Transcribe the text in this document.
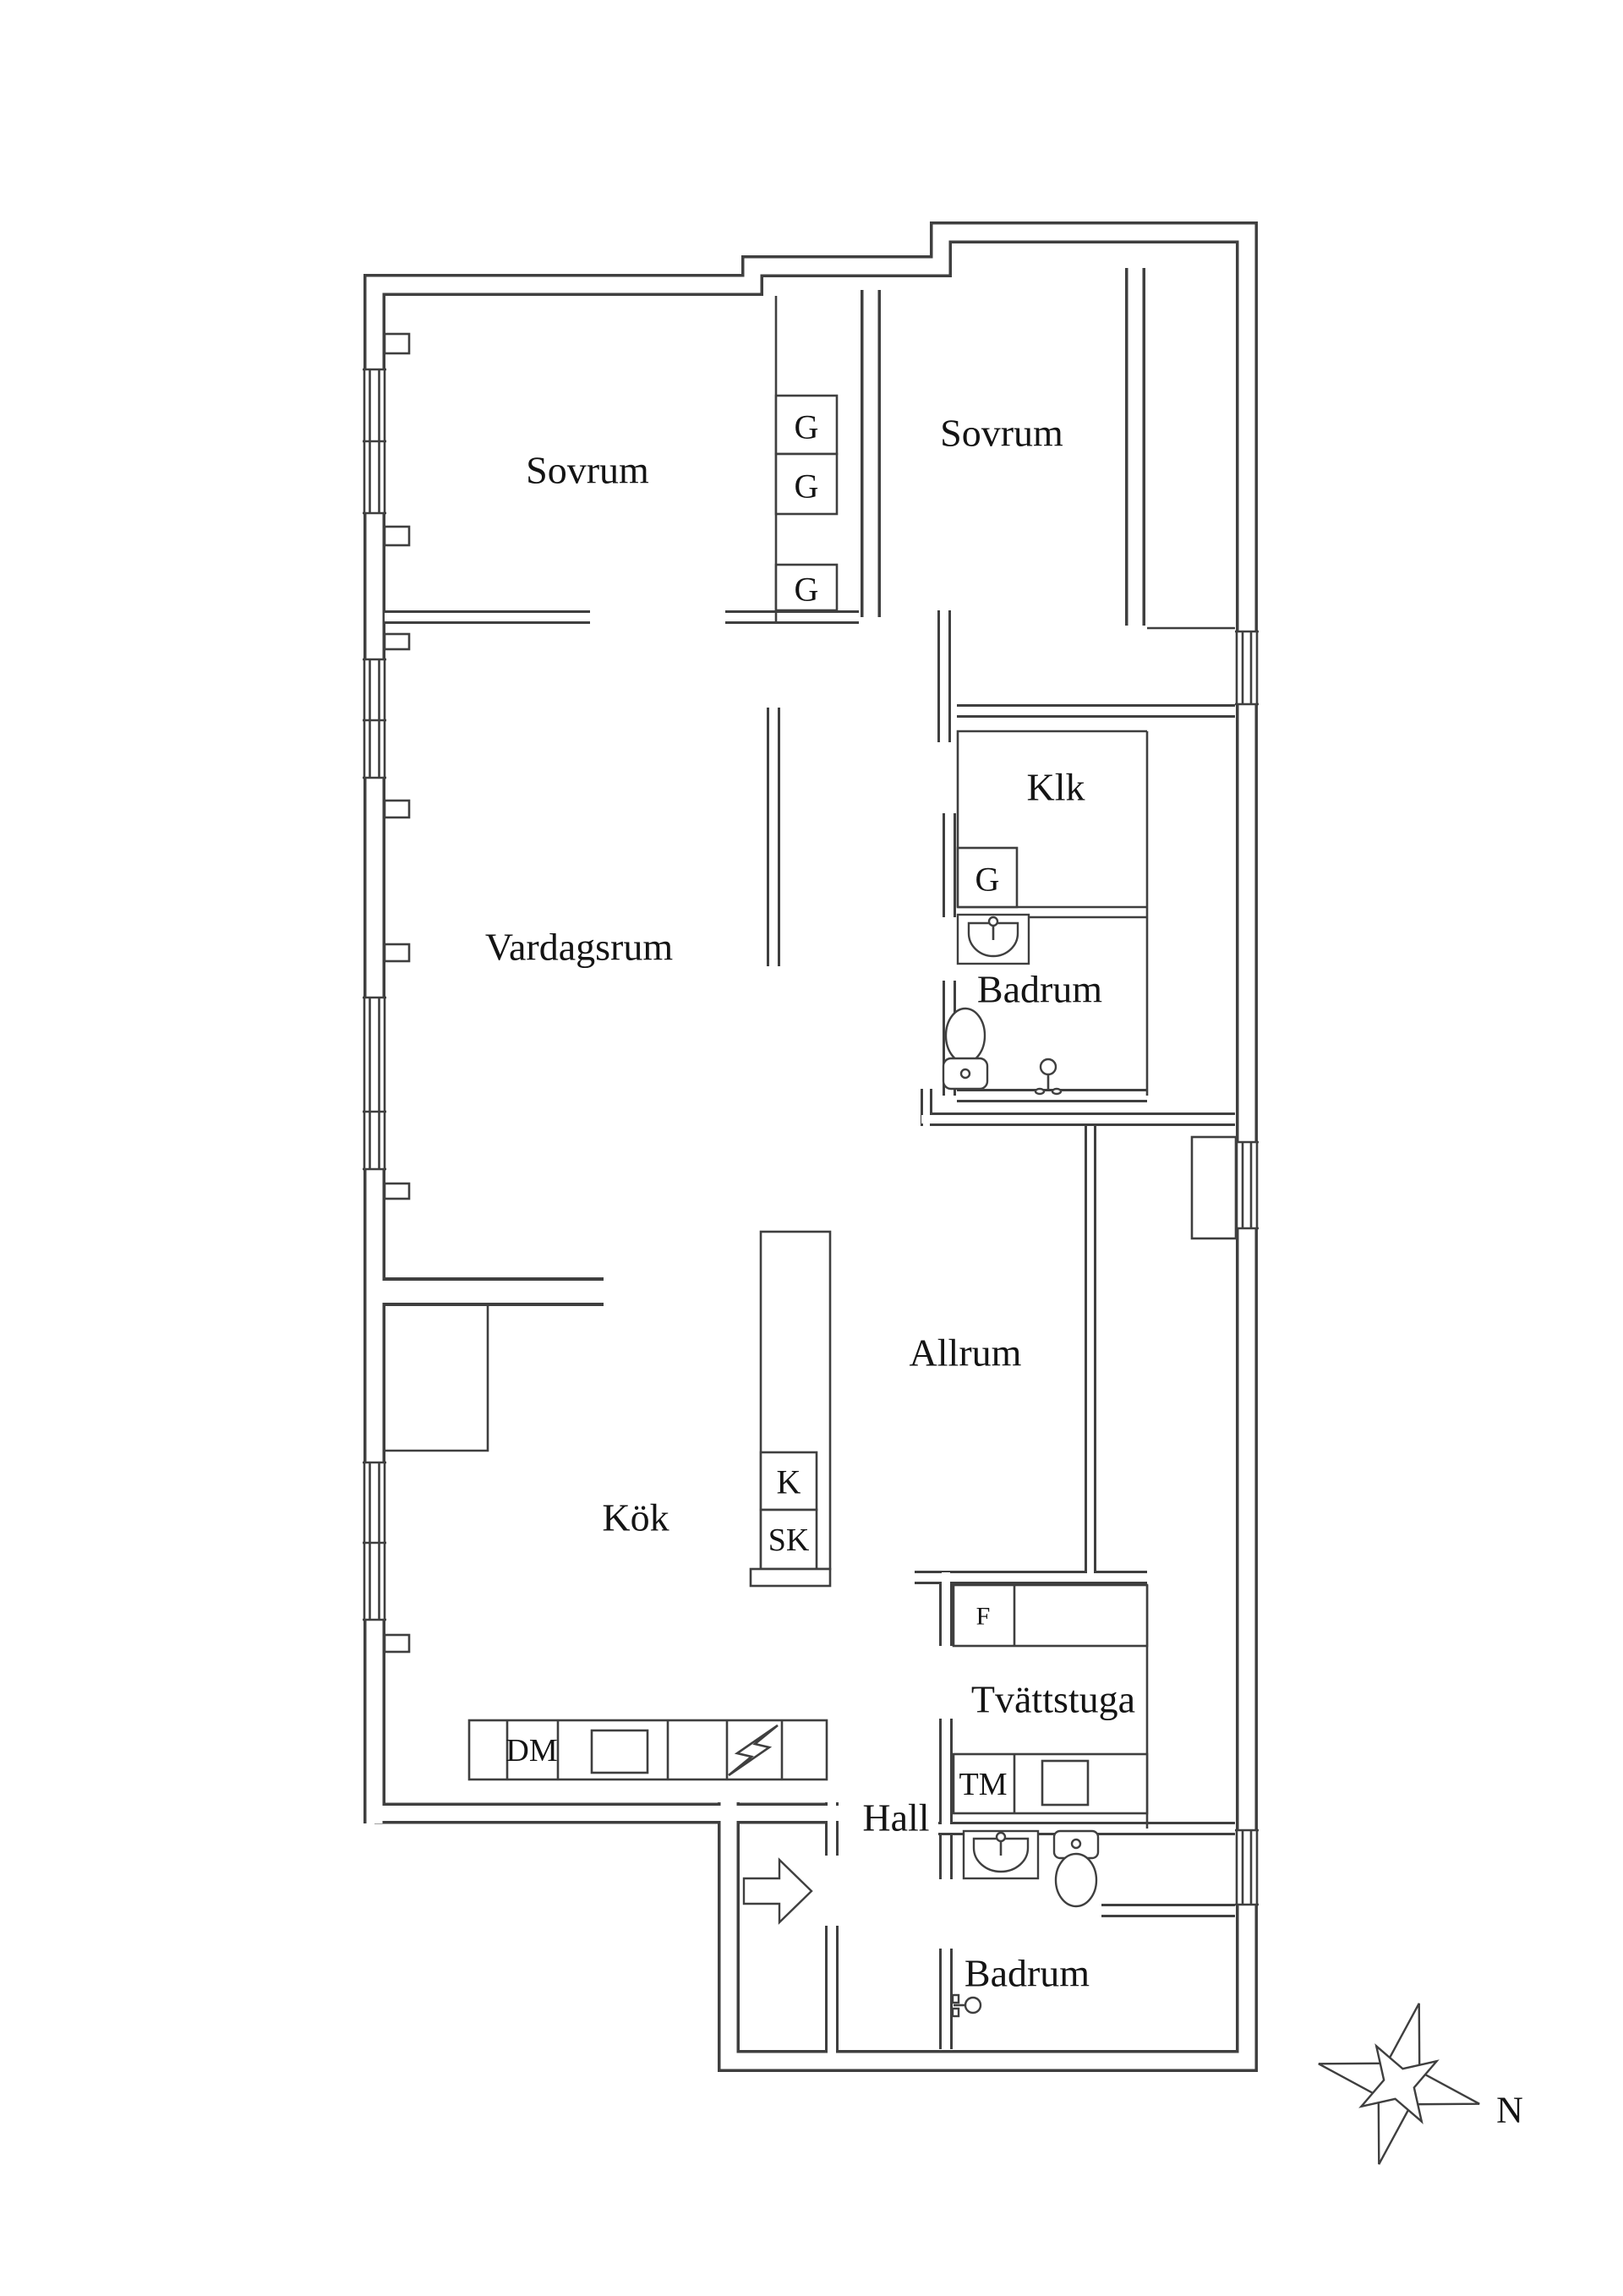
Sovrum
Sovrum
Vardagsrum
Klk
Badrum
Allrum
Kök
Tvättstuga
Hall
Badrum
G
G
G
G
K
SK
DM
TM
F
N
